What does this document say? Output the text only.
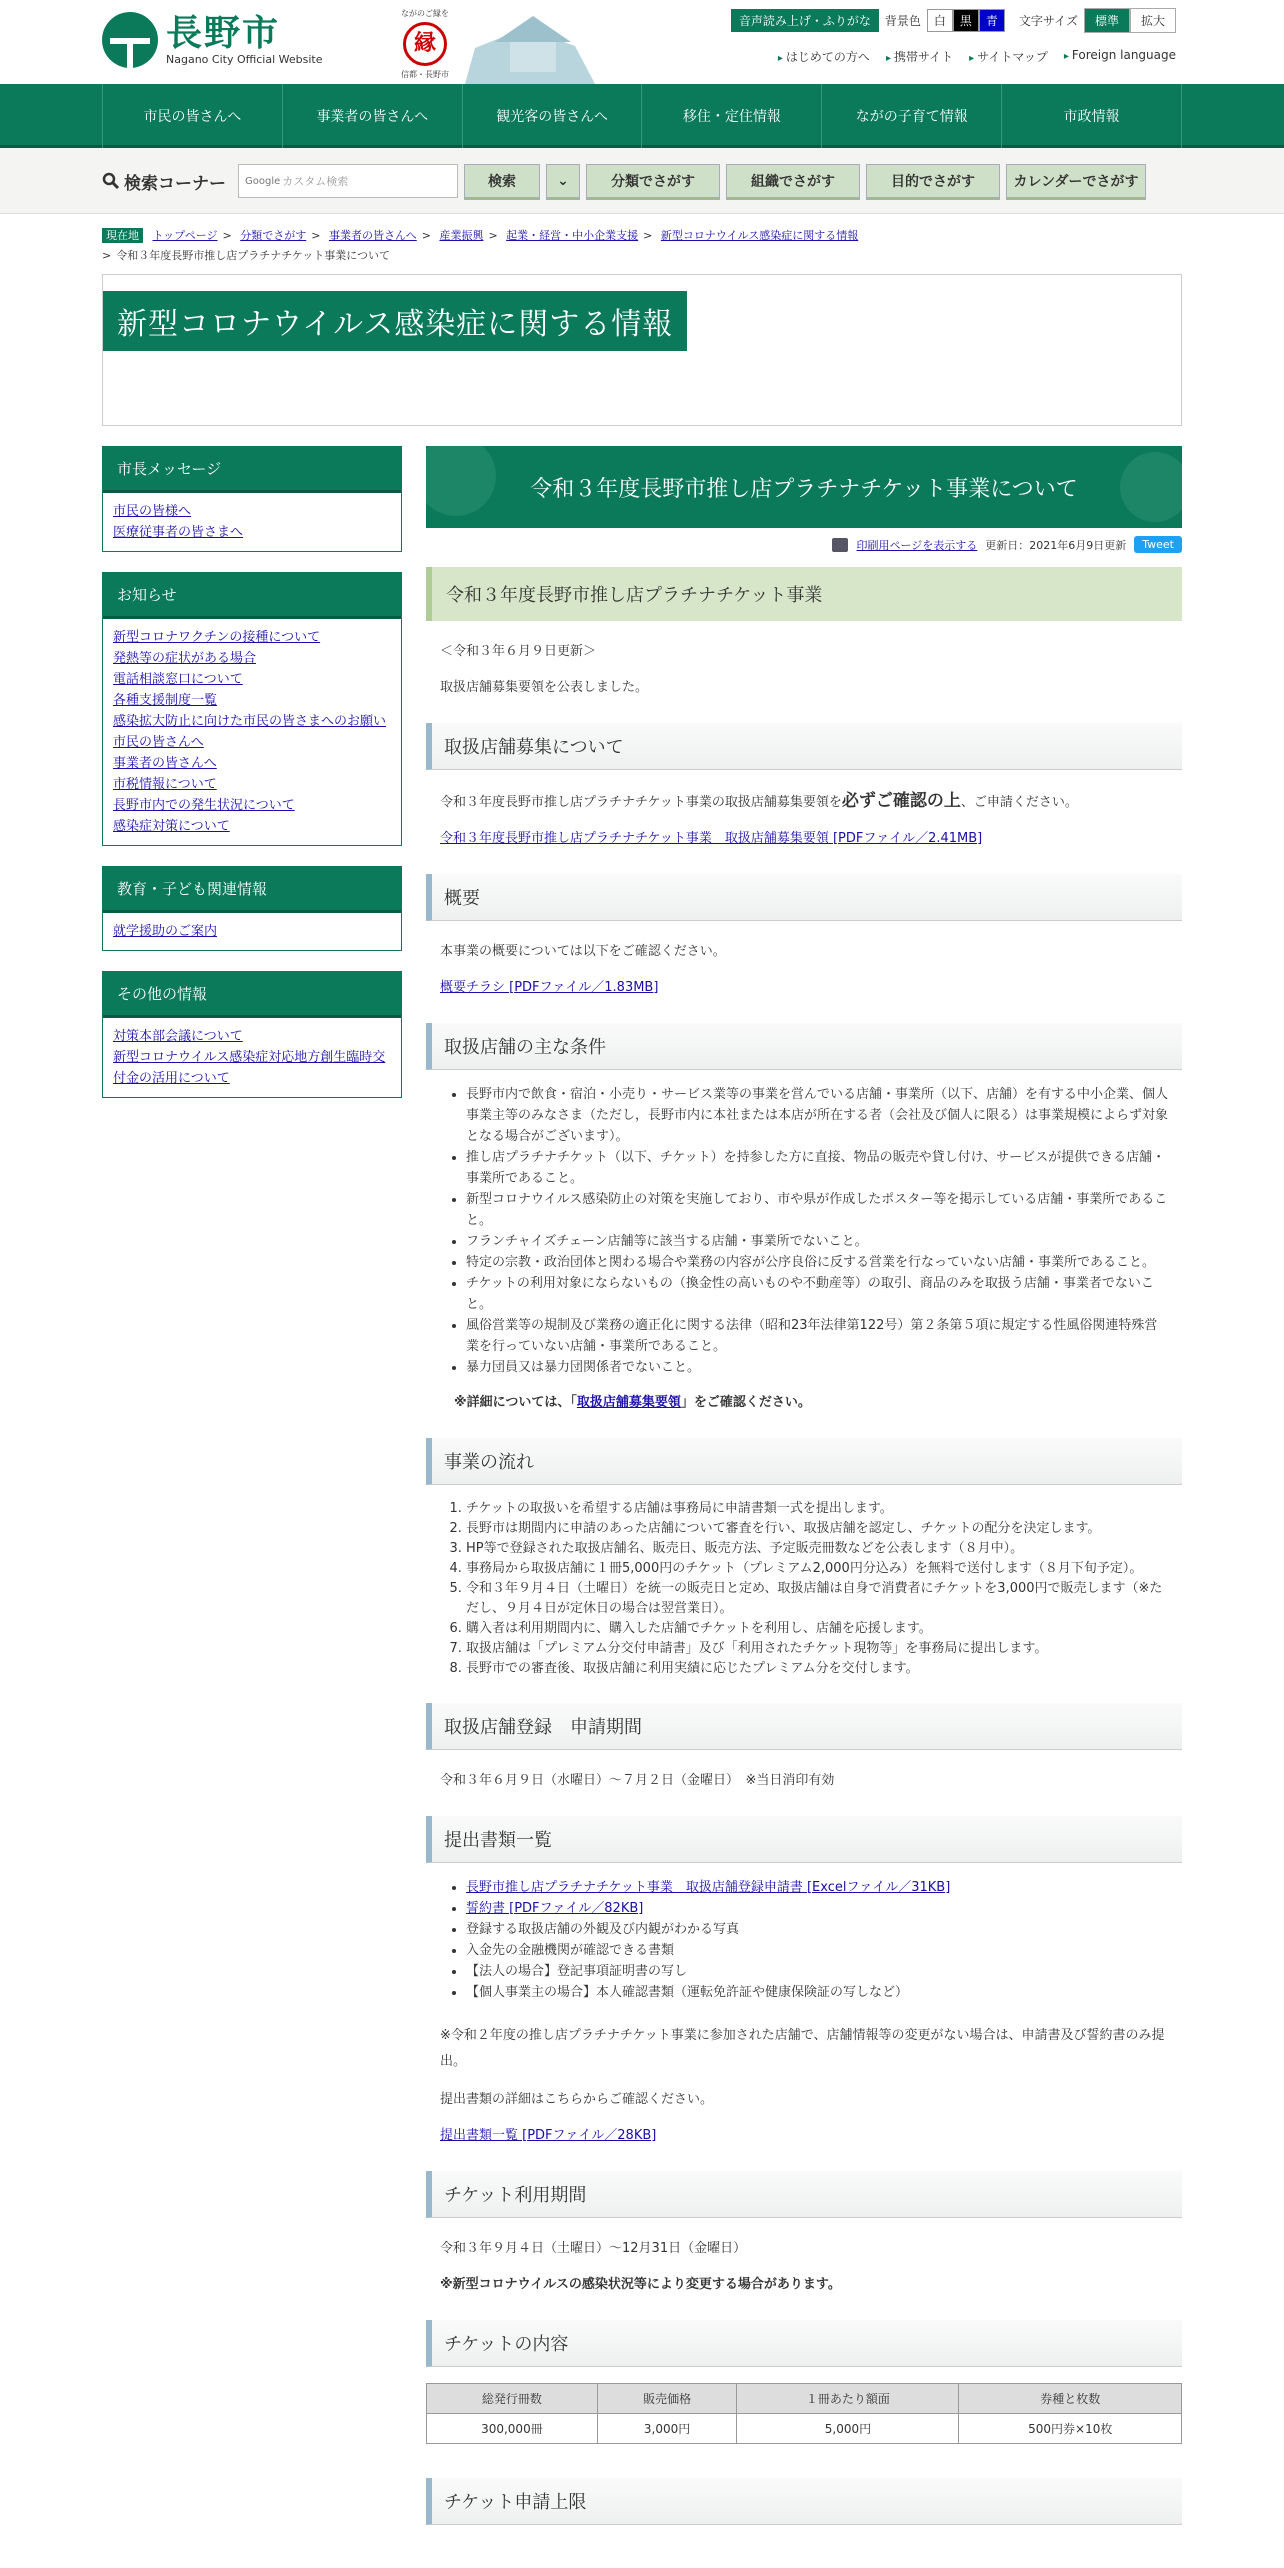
長野市
Nagano City Official Website
ながのご縁を
縁
信都・長野市
音声読み上げ・ふりがな	背景色	白	黒	青	文字サイズ	標準	拡大
▸ はじめての方へ	▸ 携帯サイト	▸ サイトマップ	▸ Foreign language
市民の皆さんへ	事業者の皆さんへ	観光客の皆さんへ	移住・定住情報	ながの子育て情報	市政情報
検索コーナー Google カスタム検索	検索	⌄	分類でさがす	組織でさがす	目的でさがす	カレンダーでさがす
現在地 トップページ > 分類でさがす > 事業者の皆さんへ > 産業振興 > 起業・経営・中小企業支援 > 新型コロナウイルス感染症に関する情報
> 令和３年度長野市推し店プラチナチケット事業について
新型コロナウイルス感染症に関する情報
市長メッセージ
市民の皆様へ
医療従事者の皆さまへ
お知らせ
新型コロナワクチンの接種について
発熱等の症状がある場合
電話相談窓口について
各種支援制度一覧
感染拡大防止に向けた市民の皆さまへのお願い
市民の皆さんへ
事業者の皆さんへ
市税情報について
長野市内での発生状況について
感染症対策について
教育・子ども関連情報
就学援助のご案内
その他の情報
対策本部会議について
新型コロナウイルス感染症対応地方創生臨時交付金の活用について
令和３年度長野市推し店プラチナチケット事業について
印刷用ページを表示する 更新日：2021年6月9日更新	Tweet
令和３年度長野市推し店プラチナチケット事業

＜令和３年６月９日更新＞

取扱店舗募集要領を公表しました。

取扱店舗募集について

令和３年度長野市推し店プラチナチケット事業の取扱店舗募集要領を必ずご確認の上、ご申請ください。

令和３年度長野市推し店プラチナチケット事業　取扱店舗募集要領 [PDFファイル／2.41MB]

概要

本事業の概要については以下をご確認ください。

概要チラシ [PDFファイル／1.83MB]

取扱店舗の主な条件
• 長野市内で飲食・宿泊・小売り・サービス業等の事業を営んでいる店舗・事業所（以下、店舗）を有する中小企業、個人事業主等のみなさま（ただし，長野市内に本社または本店が所在する者（会社及び個人に限る）は事業規模によらず対象となる場合がございます）。
• 推し店プラチナチケット（以下、チケット）を持参した方に直接、物品の販売や貸し付け、サービスが提供できる店舗・事業所であること。
• 新型コロナウイルス感染防止の対策を実施しており、市や県が作成したポスター等を掲示している店舗・事業所であること。
• フランチャイズチェーン店舗等に該当する店舗・事業所でないこと。
• 特定の宗教・政治団体と関わる場合や業務の内容が公序良俗に反する営業を行なっていない店舗・事業所であること。
• チケットの利用対象にならないもの（換金性の高いものや不動産等）の取引、商品のみを取扱う店舗・事業者でないこと。
• 風俗営業等の規制及び業務の適正化に関する法律（昭和23年法律第122号）第２条第５項に規定する性風俗関連特殊営業を行っていない店舗・事業所であること。
• 暴力団員又は暴力団関係者でないこと。

※詳細については、「取扱店舗募集要領」をご確認ください。

事業の流れ
1. チケットの取扱いを希望する店舗は事務局に申請書類一式を提出します。
2. 長野市は期間内に申請のあった店舗について審査を行い、取扱店舗を認定し、チケットの配分を決定します。
3. HP等で登録された取扱店舗名、販売日、販売方法、予定販売冊数などを公表します（８月中）。
4. 事務局から取扱店舗に１冊5,000円のチケット（プレミアム2,000円分込み）を無料で送付します（８月下旬予定）。
5. 令和３年９月４日（土曜日）を統一の販売日と定め、取扱店舗は自身で消費者にチケットを3,000円で販売します（※ただし、９月４日が定休日の場合は翌営業日）。
6. 購入者は利用期間内に、購入した店舗でチケットを利用し、店舗を応援します。
7. 取扱店舗は「プレミアム分交付申請書」及び「利用されたチケット現物等」を事務局に提出します。
8. 長野市での審査後、取扱店舗に利用実績に応じたプレミアム分を交付します。
取扱店舗登録　申請期間

令和３年６月９日（水曜日）～７月２日（金曜日）　※当日消印有効

提出書類一覧
• 長野市推し店プラチナチケット事業　取扱店舗登録申請書 [Excelファイル／31KB]
• 誓約書 [PDFファイル／82KB]
• 登録する取扱店舗の外観及び内観がわかる写真
• 入金先の金融機関が確認できる書類
• 【法人の場合】登記事項証明書の写し
• 【個人事業主の場合】本人確認書類（運転免許証や健康保険証の写しなど）

※令和２年度の推し店プラチナチケット事業に参加された店舗で、店舗情報等の変更がない場合は、申請書及び誓約書のみ提出。

提出書類の詳細はこちらからご確認ください。

提出書類一覧 [PDFファイル／28KB]

チケット利用期間

令和３年９月４日（土曜日）～12月31日（金曜日）

※新型コロナウイルスの感染状況等により変更する場合があります。

チケットの内容
総発行冊数	販売価格	１冊あたり額面	券種と枚数
300,000冊	3,000円	5,000円	500円券×10枚
チケット申請上限
